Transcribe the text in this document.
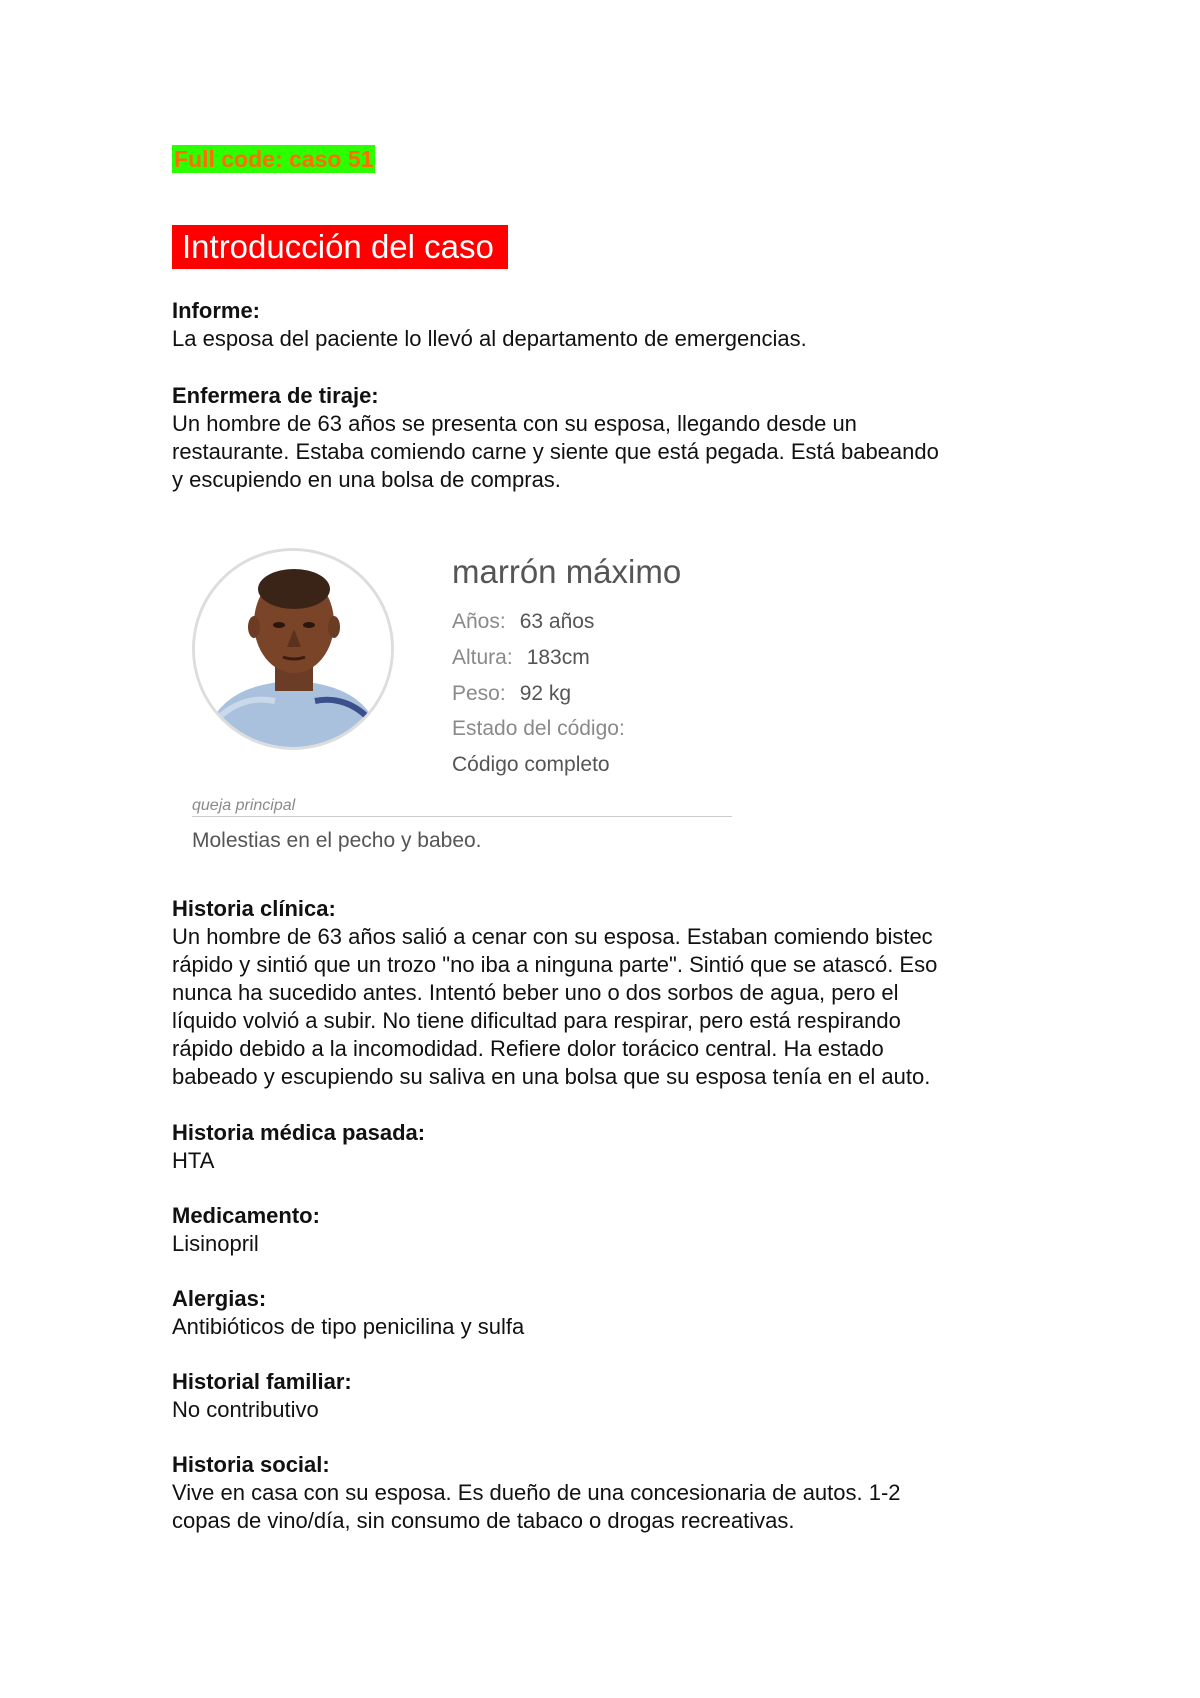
Full code: caso 51
Introducción del caso
Informe:
La esposa del paciente lo llevó al departamento de emergencias.
Enfermera de tiraje:
Un hombre de 63 años se presenta con su esposa, llegando desde un
restaurante. Estaba comiendo carne y siente que está pegada. Está babeando
y escupiendo en una bolsa de compras.
marrón máximo
Años: 63 años
Altura: 183cm
Peso: 92 kg
Estado del código:
Código completo
queja principal
Molestias en el pecho y babeo.
Historia clínica:
Un hombre de 63 años salió a cenar con su esposa. Estaban comiendo bistec
rápido y sintió que un trozo "no iba a ninguna parte". Sintió que se atascó. Eso
nunca ha sucedido antes. Intentó beber uno o dos sorbos de agua, pero el
líquido volvió a subir. No tiene dificultad para respirar, pero está respirando
rápido debido a la incomodidad. Refiere dolor torácico central. Ha estado
babeado y escupiendo su saliva en una bolsa que su esposa tenía en el auto.
Historia médica pasada:
HTA
Medicamento:
Lisinopril
Alergias:
Antibióticos de tipo penicilina y sulfa
Historial familiar:
No contributivo
Historia social:
Vive en casa con su esposa. Es dueño de una concesionaria de autos. 1-2
copas de vino/día, sin consumo de tabaco o drogas recreativas.
